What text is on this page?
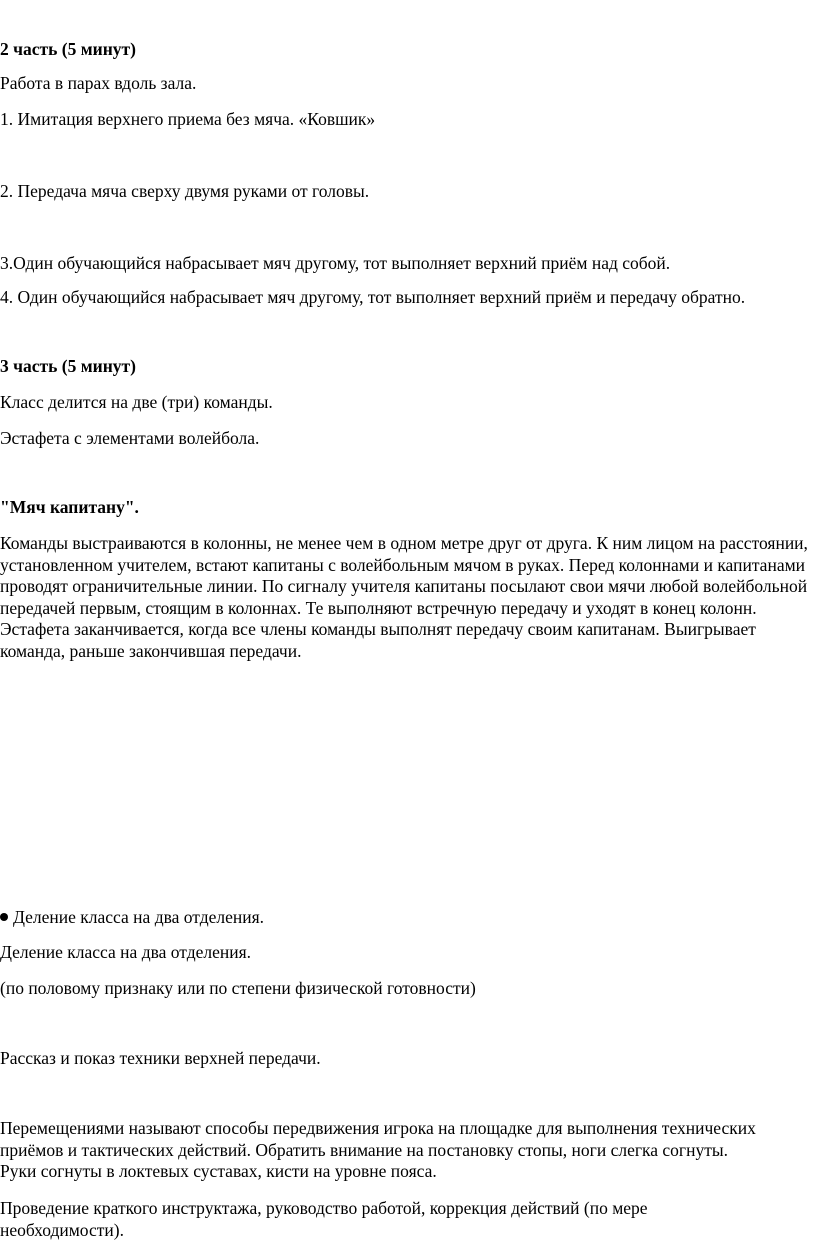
2 часть (5 минут)

Работа в парах вдоль зала.

1. Имитация верхнего приема без мяча. «Ковшик»

2. Передача мяча сверху двумя руками от головы.

3.Один обучающийся набрасывает мяч другому, тот выполняет верхний приём над собой.

4. Один обучающийся набрасывает мяч другому, тот выполняет верхний приём и передачу обратно.

3 часть (5 минут)

Класс делится на две (три) команды.

Эстафета с элементами волейбола.

"Мяч капитану".

Команды выстраиваются в колонны, не менее чем в одном метре друг от друга. К ним лицом на расстоянии, установленном учителем, встают капитаны с волейбольным мячом в руках. Перед колоннами и капитанами проводят ограничительные линии. По сигналу учителя капитаны посылают свои мячи любой волейбольной передачей первым, стоящим в колоннах. Те выполняют встречную передачу и уходят в конец колонн. Эстафета заканчивается, когда все члены команды выполнят передачу своим капитанам. Выигрывает команда, раньше закончившая передачи.

Деление класса на два отделения.

Деление класса на два отделения.

(по половому признаку или по степени физической готовности)

Рассказ и показ техники верхней передачи.

Перемещениями называют способы передвижения игрока на площадке для выполнения технических приёмов и тактических действий. Обратить внимание на постановку стопы, ноги слегка согнуты. Руки согнуты в локтевых суставах, кисти на уровне пояса.

Проведение краткого инструктажа, руководство работой, коррекция действий (по мере необходимости).
